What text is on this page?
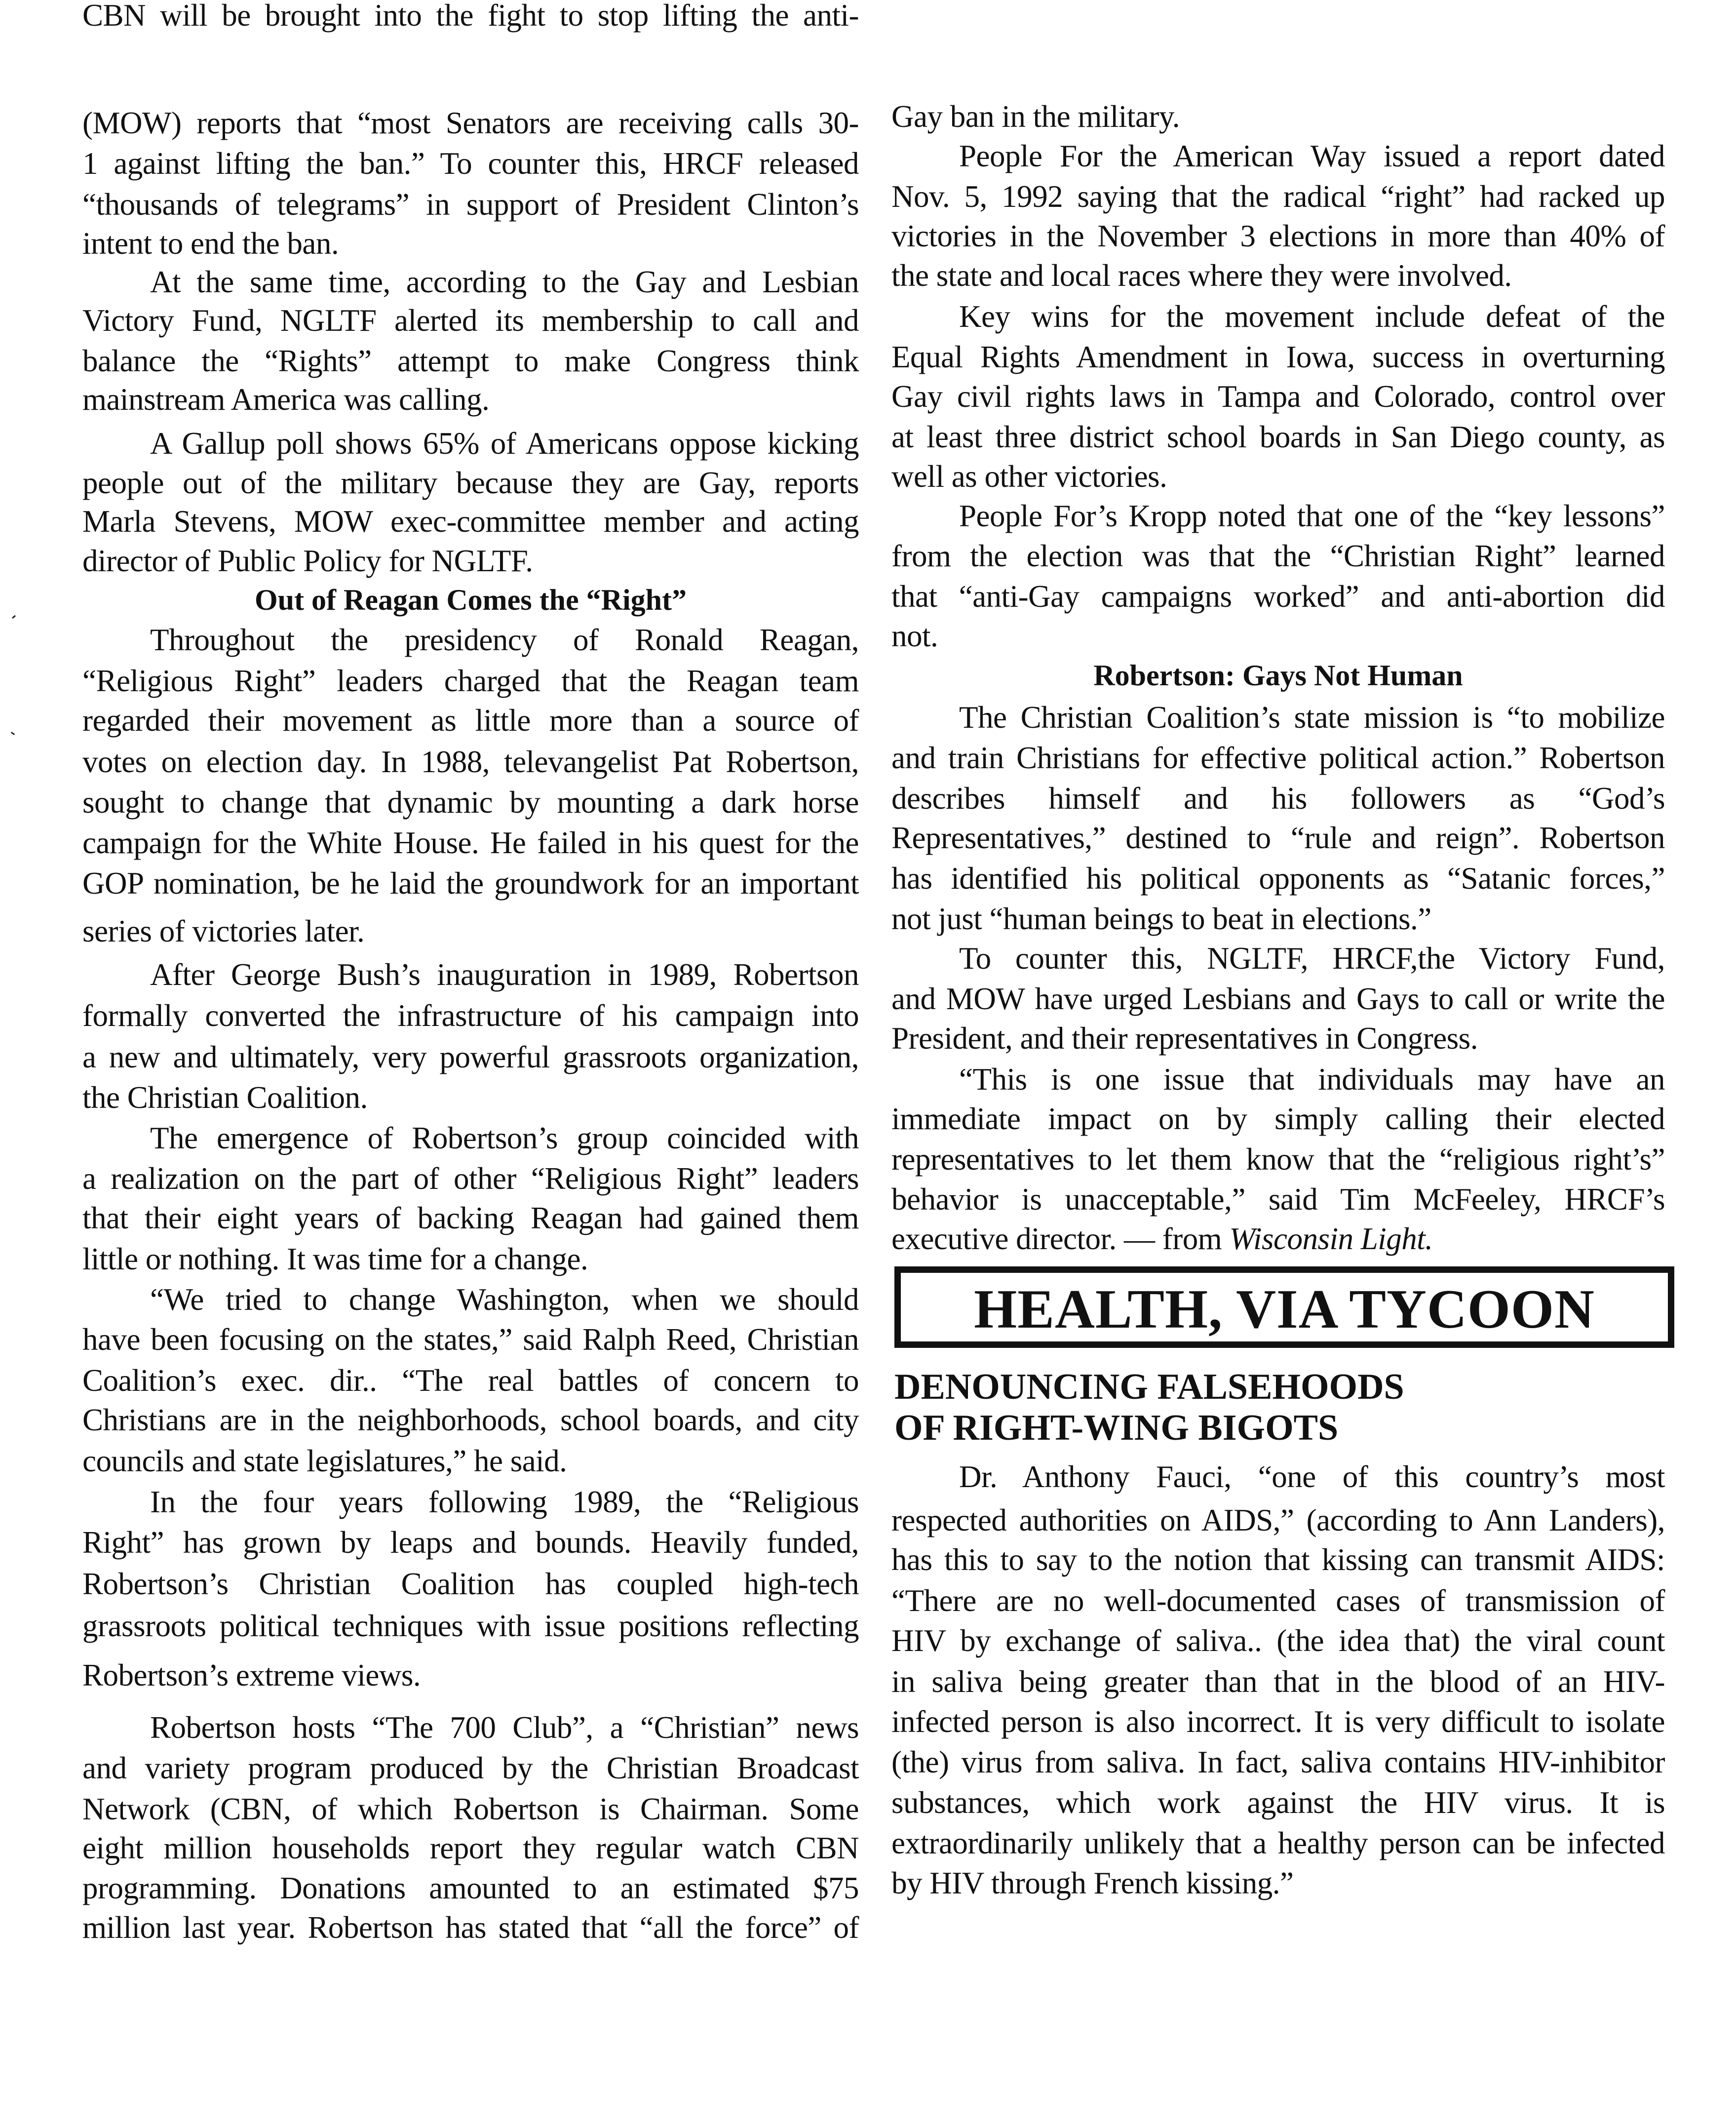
(MOW) reports that “most Senators are receiving calls 30-
1 against lifting the ban.” To counter this, HRCF released
“thousands of telegrams” in support of President Clinton’s
intent to end the ban.
At the same time, according to the Gay and Lesbian
Victory Fund, NGLTF alerted its membership to call and
balance the “Rights” attempt to make Congress think
mainstream America was calling.
A Gallup poll shows 65% of Americans oppose kicking
people out of the military because they are Gay, reports
Marla Stevens, MOW exec-committee member and acting
director of Public Policy for NGLTF.
Out of Reagan Comes the “Right”
Throughout the presidency of Ronald Reagan,
“Religious Right” leaders charged that the Reagan team
regarded their movement as little more than a source of
votes on election day. In 1988, televangelist Pat Robertson,
sought to change that dynamic by mounting a dark horse
campaign for the White House. He failed in his quest for the
GOP nomination, be he laid the groundwork for an important
series of victories later.
After George Bush’s inauguration in 1989, Robertson
formally converted the infrastructure of his campaign into
a new and ultimately, very powerful grassroots organization,
the Christian Coalition.
The emergence of Robertson’s group coincided with
a realization on the part of other “Religious Right” leaders
that their eight years of backing Reagan had gained them
little or nothing. It was time for a change.
“We tried to change Washington, when we should
have been focusing on the states,” said Ralph Reed, Christian
Coalition’s exec. dir.. “The real battles of concern to
Christians are in the neighborhoods, school boards, and city
councils and state legislatures,” he said.
In the four years following 1989, the “Religious
Right” has grown by leaps and bounds. Heavily funded,
Robertson’s Christian Coalition has coupled high-tech
grassroots political techniques with issue positions reflecting
Robertson’s extreme views.
Robertson hosts “The 700 Club”, a “Christian” news
and variety program produced by the Christian Broadcast
Network (CBN, of which Robertson is Chairman. Some
eight million households report they regular watch CBN
programming. Donations amounted to an estimated $75
million last year. Robertson has stated that “all the force” of
CBN will be brought into the fight to stop lifting the anti-
Gay ban in the military.
People For the American Way issued a report dated
Nov. 5, 1992 saying that the radical “right” had racked up
victories in the November 3 elections in more than 40% of
the state and local races where they were involved.
Key wins for the movement include defeat of the
Equal Rights Amendment in Iowa, success in overturning
Gay civil rights laws in Tampa and Colorado, control over
at least three district school boards in San Diego county, as
well as other victories.
People For’s Kropp noted that one of the “key lessons”
from the election was that the “Christian Right” learned
that “anti-Gay campaigns worked” and anti-abortion did
not.
Robertson: Gays Not Human
The Christian Coalition’s state mission is “to mobilize
and train Christians for effective political action.” Robertson
describes himself and his followers as “God’s
Representatives,” destined to “rule and reign”. Robertson
has identified his political opponents as “Satanic forces,”
not just “human beings to beat in elections.”
To counter this, NGLTF, HRCF,the Victory Fund,
and MOW have urged Lesbians and Gays to call or write the
President, and their representatives in Congress.
“This is one issue that individuals may have an
immediate impact on by simply calling their elected
representatives to let them know that the “religious right’s”
behavior is unacceptable,” said Tim McFeeley, HRCF’s
executive director. — from Wisconsin Light.
HEALTH, VIA TYCOON
DENOUNCING FALSEHOODS
OF RIGHT-WING BIGOTS
Dr. Anthony Fauci, “one of this country’s most
respected authorities on AIDS,” (according to Ann Landers),
has this to say to the notion that kissing can transmit AIDS:
“There are no well-documented cases of transmission of
HIV by exchange of saliva.. (the idea that) the viral count
in saliva being greater than that in the blood of an HIV-
infected person is also incorrect. It is very difficult to isolate
(the) virus from saliva. In fact, saliva contains HIV-inhibitor
substances, which work against the HIV virus. It is
extraordinarily unlikely that a healthy person can be infected
by HIV through French kissing.”
